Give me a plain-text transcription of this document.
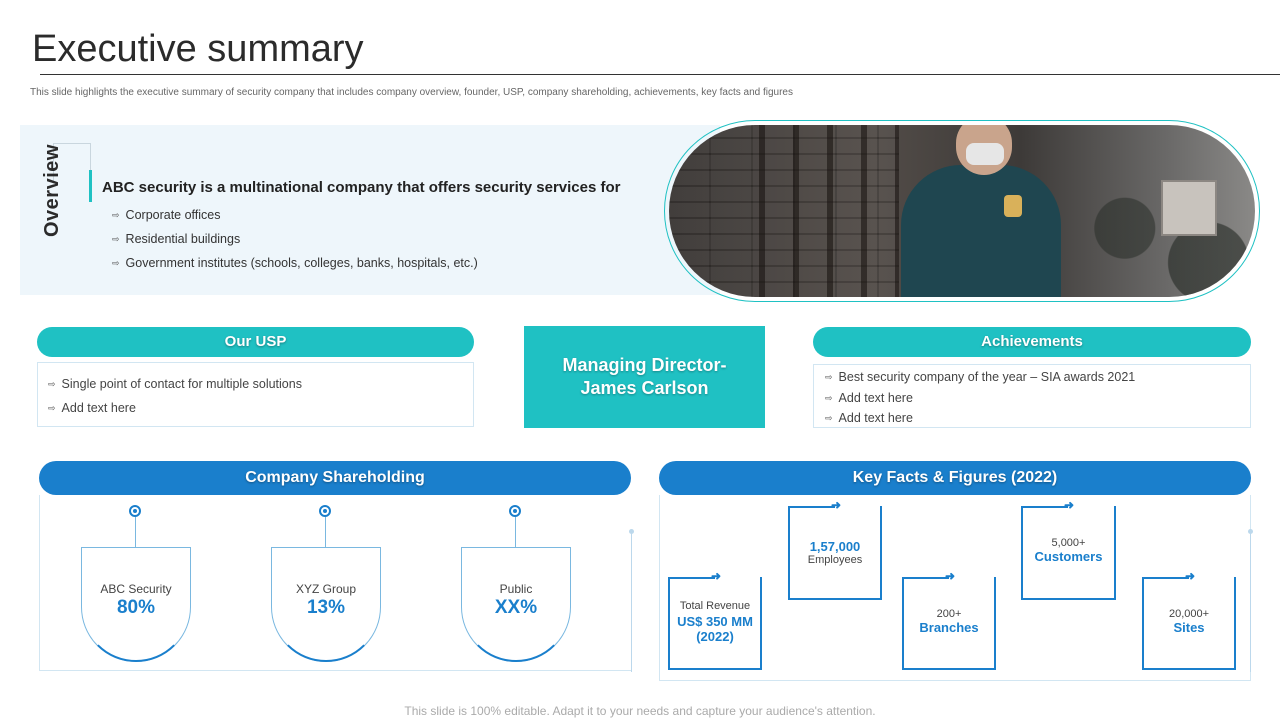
Executive summary
This slide highlights the executive summary of security company that includes company overview, founder, USP, company shareholding, achievements, key facts and figures
ABC security is a multinational company that offers security services for
⇨ Corporate offices
⇨ Residential buildings
⇨ Government institutes (schools, colleges, banks, hospitals, etc.)
Our USP
⇨ Single point of contact for multiple solutions
⇨ Add text here
Managing Director-
James Carlson
Achievements
⇨ Best security company of the year – SIA awards 2021
⇨ Add text here
⇨ Add text here
Company Shareholding
ABC Security
80%
XYZ Group
13%
Public
XX%
Key Facts & Figures (2022)
➜
Total Revenue
US$ 350 MM
(2022)
➜
1,57,000
Employees
➜
200+
Branches
➜
5,000+
Customers
➜
20,000+
Sites
This slide is 100% editable. Adapt it to your needs and capture your audience's attention.
